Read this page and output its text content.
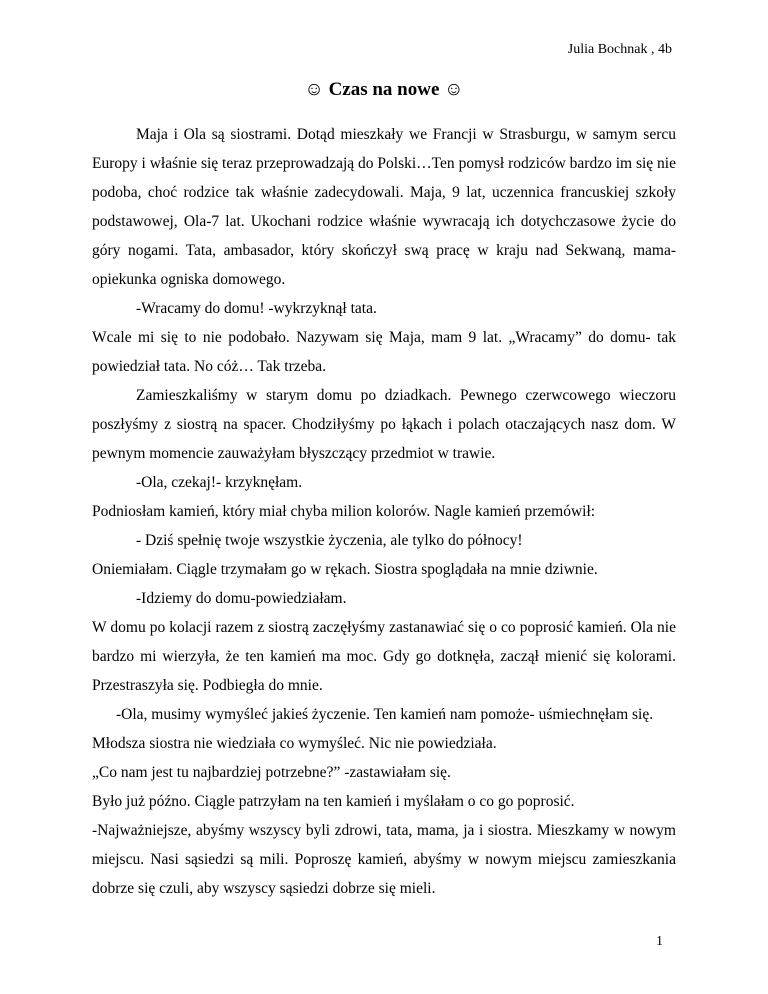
Julia Bochnak , 4b
☺ Czas na nowe ☺

Maja i Ola są siostrami. Dotąd mieszkały we Francji w Strasburgu, w samym sercu Europy i właśnie się teraz przeprowadzają do Polski…Ten pomysł rodziców bardzo im się nie podoba, choć rodzice tak właśnie zadecydowali. Maja, 9 lat, uczennica francuskiej szkoły podstawowej, Ola-7 lat. Ukochani rodzice właśnie wywracają ich dotychczasowe życie do góry nogami. Tata, ambasador, który skończył swą pracę w kraju nad Sekwaną, mama-opiekunka ogniska domowego.

-Wracamy do domu! -wykrzyknął tata.

Wcale mi się to nie podobało. Nazywam się Maja, mam 9 lat. „Wracamy” do domu- tak powiedział tata. No cóż… Tak trzeba.

Zamieszkaliśmy w starym domu po dziadkach. Pewnego czerwcowego wieczoru poszłyśmy z siostrą na spacer. Chodziłyśmy po łąkach i polach otaczających nasz dom. W pewnym momencie zauważyłam błyszczący przedmiot w trawie.

-Ola, czekaj!- krzyknęłam.

Podniosłam kamień, który miał chyba milion kolorów. Nagle kamień przemówił:

- Dziś spełnię twoje wszystkie życzenia, ale tylko do północy!

Oniemiałam. Ciągle trzymałam go w rękach. Siostra spoglądała na mnie dziwnie.

-Idziemy do domu-powiedziałam.

W domu po kolacji razem z siostrą zaczęłyśmy zastanawiać się o co poprosić kamień. Ola nie bardzo mi wierzyła, że ten kamień ma moc. Gdy go dotknęła, zaczął mienić się kolorami. Przestraszyła się. Podbiegła do mnie.

-Ola, musimy wymyśleć jakieś życzenie. Ten kamień nam pomoże- uśmiechnęłam się.

Młodsza siostra nie wiedziała co wymyśleć. Nic nie powiedziała.

„Co nam jest tu najbardziej potrzebne?” -zastawiałam się.

Było już późno. Ciągle patrzyłam na ten kamień i myślałam o co go poprosić.

-Najważniejsze, abyśmy wszyscy byli zdrowi, tata, mama, ja i siostra. Mieszkamy w nowym miejscu. Nasi sąsiedzi są mili. Poproszę kamień, abyśmy w nowym miejscu zamieszkania dobrze się czuli, aby wszyscy sąsiedzi dobrze się mieli.

1
